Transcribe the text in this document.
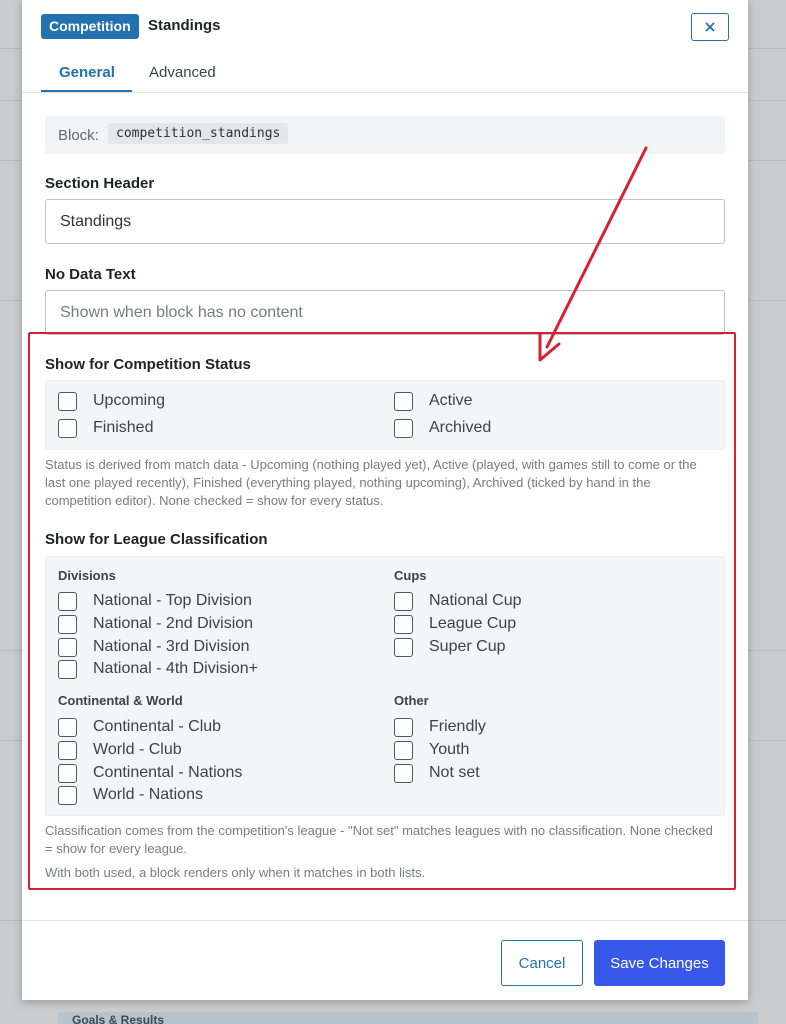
Goals & Results
Competition	Standings
General Advanced
Block:	competition_standings
Section Header
Standings
No Data Text
Shown when block has no content
Show for Competition Status
Upcoming
Finished
Active
Archived
Status is derived from match data - Upcoming (nothing played yet), Active (played, with games still to come or the last one played recently), Finished (everything played, nothing upcoming), Archived (ticked by hand in the competition editor). None checked = show for every status.
Show for League Classification
Divisions
National - Top Division
National - 2nd Division
National - 3rd Division
National - 4th Division+
Cups
National Cup
League Cup
Super Cup
Continental & World
Continental - Club
World - Club
Continental - Nations
World - Nations
Other
Friendly
Youth
Not set
Classification comes from the competition's league - "Not set" matches leagues with no classification. None checked = show for every league.
With both used, a block renders only when it matches in both lists.
Cancel	Save Changes
